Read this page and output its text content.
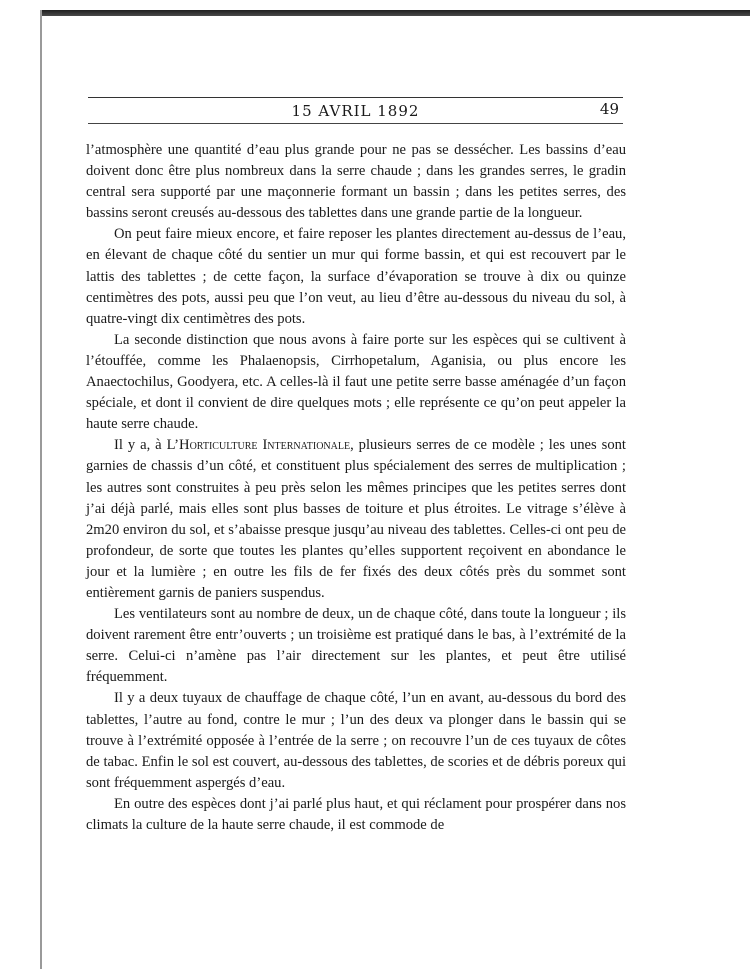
15 AVRIL 1892	49

l’atmosphère une quantité d’eau plus grande pour ne pas se dessécher. Les bassins d’eau doivent donc être plus nombreux dans la serre chaude ; dans les grandes serres, le gradin central sera supporté par une maçonnerie formant un bassin ; dans les petites serres, des bassins seront creusés au-dessous des tablettes dans une grande partie de la longueur.

On peut faire mieux encore, et faire reposer les plantes directement au-dessus de l’eau, en élevant de chaque côté du sentier un mur qui forme bassin, et qui est recouvert par le lattis des tablettes ; de cette façon, la surface d’évaporation se trouve à dix ou quinze centimètres des pots, aussi peu que l’on veut, au lieu d’être au-dessous du niveau du sol, à quatre-vingt dix centimètres des pots.

La seconde distinction que nous avons à faire porte sur les espèces qui se cultivent à l’étouffée, comme les Phalaenopsis, Cirrhopetalum, Aganisia, ou plus encore les Anaectochilus, Goodyera, etc. A celles-là il faut une petite serre basse aménagée d’un façon spéciale, et dont il convient de dire quelques mots ; elle représente ce qu’on peut appeler la haute serre chaude.

Il y a, à L’Horticulture Internationale, plusieurs serres de ce modèle ; les unes sont garnies de chassis d’un côté, et constituent plus spécialement des serres de multiplication ; les autres sont construites à peu près selon les mêmes principes que les petites serres dont j’ai déjà parlé, mais elles sont plus basses de toiture et plus étroites. Le vitrage s’élève à 2m20 environ du sol, et s’abaisse presque jusqu’au niveau des tablettes. Celles-ci ont peu de profondeur, de sorte que toutes les plantes qu’elles supportent reçoivent en abondance le jour et la lumière ; en outre les fils de fer fixés des deux côtés près du sommet sont entièrement garnis de paniers suspendus.

Les ventilateurs sont au nombre de deux, un de chaque côté, dans toute la longueur ; ils doivent rarement être entr’ouverts ; un troisième est pratiqué dans le bas, à l’extrémité de la serre. Celui-ci n’amène pas l’air directement sur les plantes, et peut être utilisé fréquemment.

Il y a deux tuyaux de chauffage de chaque côté, l’un en avant, au-dessous du bord des tablettes, l’autre au fond, contre le mur ; l’un des deux va plonger dans le bassin qui se trouve à l’extrémité opposée à l’entrée de la serre ; on recouvre l’un de ces tuyaux de côtes de tabac. Enfin le sol est couvert, au-dessous des tablettes, de scories et de débris poreux qui sont fréquemment aspergés d’eau.

En outre des espèces dont j’ai parlé plus haut, et qui réclament pour prospérer dans nos climats la culture de la haute serre chaude, il est commode de
